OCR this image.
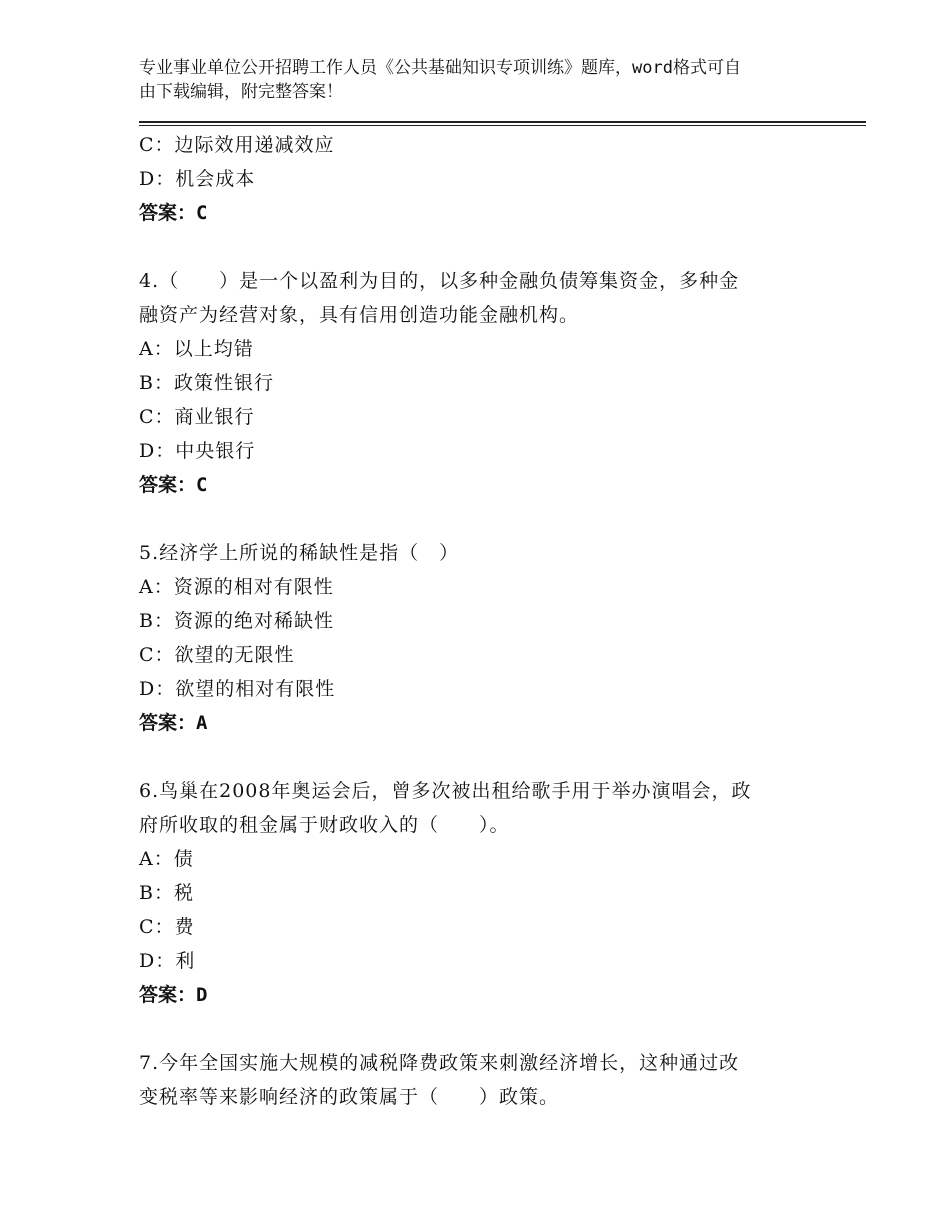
专业事业单位公开招聘工作人员《公共基础知识专项训练》题库，word格式可自
由下载编辑，附完整答案！
C：边际效用递减效应
D：机会成本
答案：C
4.（　　）是一个以盈利为目的，以多种金融负债筹集资金，多种金
融资产为经营对象，具有信用创造功能金融机构。
A：以上均错
B：政策性银行
C：商业银行
D：中央银行
答案：C
5.经济学上所说的稀缺性是指（　）
A：资源的相对有限性
B：资源的绝对稀缺性
C：欲望的无限性
D：欲望的相对有限性
答案：A
6.鸟巢在2008年奥运会后，曾多次被出租给歌手用于举办演唱会，政
府所收取的租金属于财政收入的（　　）。
A：债
B：税
C：费
D：利
答案：D
7.今年全国实施大规模的减税降费政策来刺激经济增长，这种通过改
变税率等来影响经济的政策属于（　　）政策。
